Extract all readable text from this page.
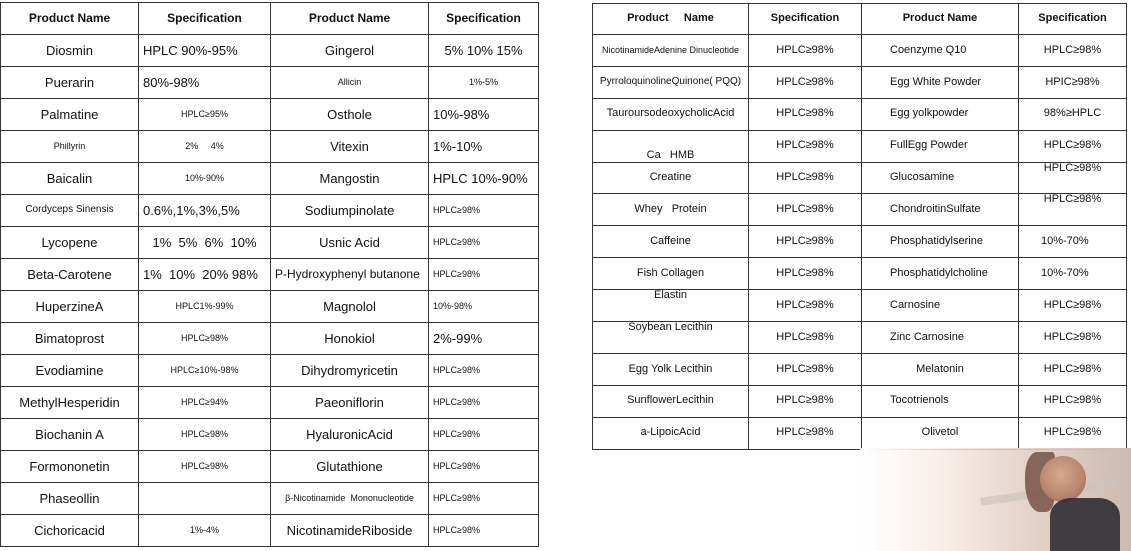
Product Name	Specification	Product Name	Specification
Diosmin	HPLC 90%-95%	Gingerol	5% 10% 15%
Puerarin	80%-98%	Allicin	1%-5%
Palmatine	HPLC≥95%	Osthole	10%-98%
Phillyrin	2%     4%	Vitexin	1%-10%
Baicalin	10%-90%	Mangostin	HPLC 10%-90%
Cordyceps Sinensis	0.6%,1%,3%,5%	Sodiumpinolate	HPLC≥98%
Lycopene	1%  5%  6%  10%	Usnic Acid	HPLC≥98%
Beta-Carotene	1%  10%  20% 98%	P-Hydroxyphenyl butanone	HPLC≥98%
HuperzineA	HPLC1%-99%	Magnolol	10%-98%
Bimatoprost	HPLC≥98%	Honokiol	2%-99%
Evodiamine	HPLC≥10%-98%	Dihydromyricetin	HPLC≥98%
MethylHesperidin	HPLC≥94%	Paeoniflorin	HPLC≥98%
Biochanin A	HPLC≥98%	HyaluronicAcid	HPLC≥98%
Formononetin	HPLC≥98%	Glutathione	HPLC≥98%
Phaseollin		β-Nicotinamide  Mononucleotide	HPLC≥98%
Cichoricacid	1%-4%	NicotinamideRiboside	HPLC≥98%
Product     Name	Specification	Product Name	Specification
NicotinamideAdenine Dinucleotide	HPLC≥98%	Coenzyme Q10	HPLC≥98%
PyrroloquinolineQuinone( PQQ)	HPLC≥98%	Egg White Powder	HPIC≥98%
TauroursodeoxycholicAcid	HPLC≥98%	Egg yolkpowder	98%≥HPLC
Ca   HMB	HPLC≥98%	FullEgg Powder	HPLC≥98%
Creatine	HPLC≥98%	Glucosamine	HPLC≥98%
Whey   Protein	HPLC≥98%	ChondroitinSulfate	HPLC≥98%
Caffeine	HPLC≥98%	Phosphatidylserine	10%-70%
Fish Collagen	HPLC≥98%	Phosphatidylcholine	10%-70%
Elastin	HPLC≥98%	Carnosine	HPLC≥98%
Soybean Lecithin	HPLC≥98%	Zinc Carnosine	HPLC≥98%
Egg Yolk Lecithin	HPLC≥98%	Melatonin	HPLC≥98%
SunflowerLecithin	HPLC≥98%	Tocotrienols	HPLC≥98%
a-LipoicAcid	HPLC≥98%	Olivetol	HPLC≥98%
